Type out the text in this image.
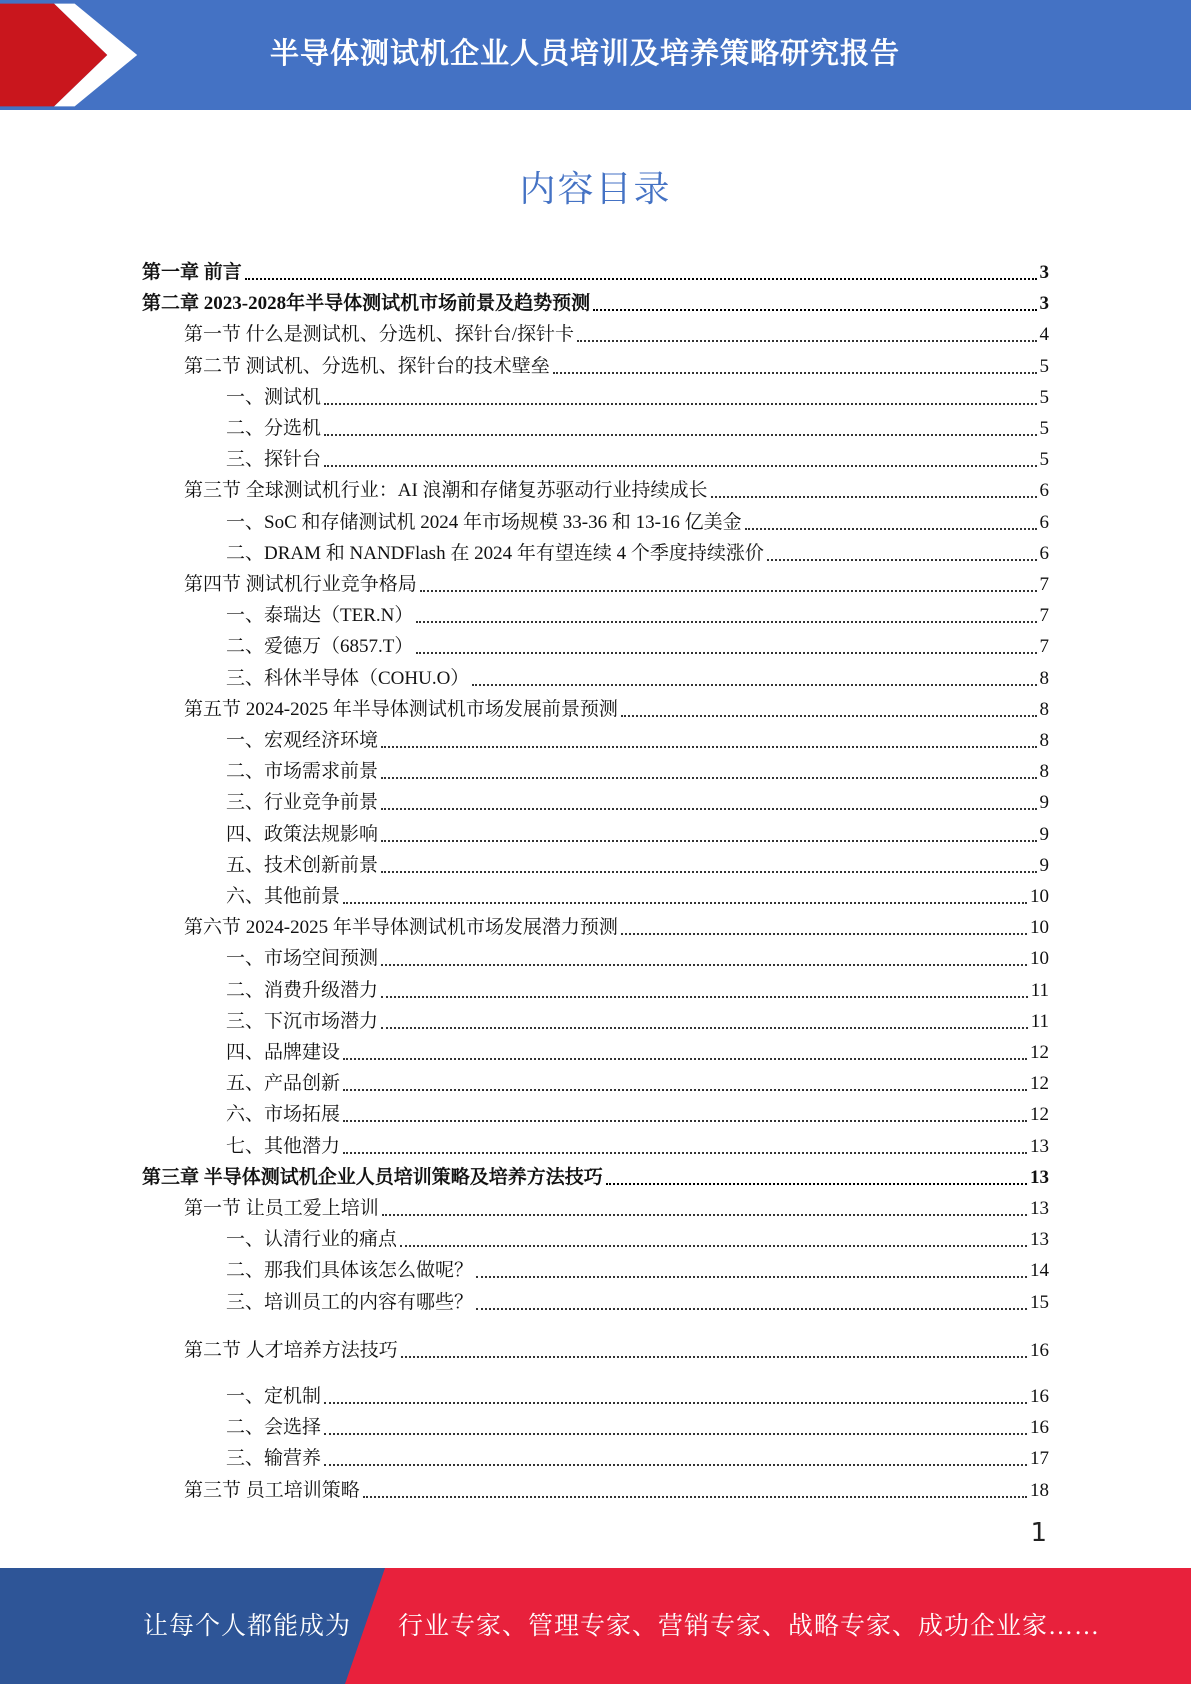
半导体测试机企业人员培训及培养策略研究报告
内容目录
第一章 前言	3
第二章 2023-2028年半导体测试机市场前景及趋势预测	3
第一节 什么是测试机、分选机、探针台/探针卡	4
第二节 测试机、分选机、探针台的技术壁垒	5
一、测试机	5
二、分选机	5
三、探针台	5
第三节 全球测试机行业：AI 浪潮和存储复苏驱动行业持续成长	6
一、SoC 和存储测试机 2024 年市场规模 33-36 和 13-16 亿美金	6
二、DRAM 和 NANDFlash 在 2024 年有望连续 4 个季度持续涨价	6
第四节 测试机行业竞争格局	7
一、泰瑞达（TER.N）	7
二、爱德万（6857.T）	7
三、科休半导体（COHU.O）	8
第五节 2024-2025 年半导体测试机市场发展前景预测	8
一、宏观经济环境	8
二、市场需求前景	8
三、行业竞争前景	9
四、政策法规影响	9
五、技术创新前景	9
六、其他前景	10
第六节 2024-2025 年半导体测试机市场发展潜力预测	10
一、市场空间预测	10
二、消费升级潜力	11
三、下沉市场潜力	11
四、品牌建设	12
五、产品创新	12
六、市场拓展	12
七、其他潜力	13
第三章 半导体测试机企业人员培训策略及培养方法技巧	13
第一节 让员工爱上培训	13
一、认清行业的痛点	13
二、那我们具体该怎么做呢？	14
三、培训员工的内容有哪些？	15
第二节 人才培养方法技巧	16
一、定机制	16
二、会选择	16
三、输营养	17
第三节 员工培训策略	18
1
让每个人都能成为 行业专家、管理专家、营销专家、战略专家、成功企业家……
